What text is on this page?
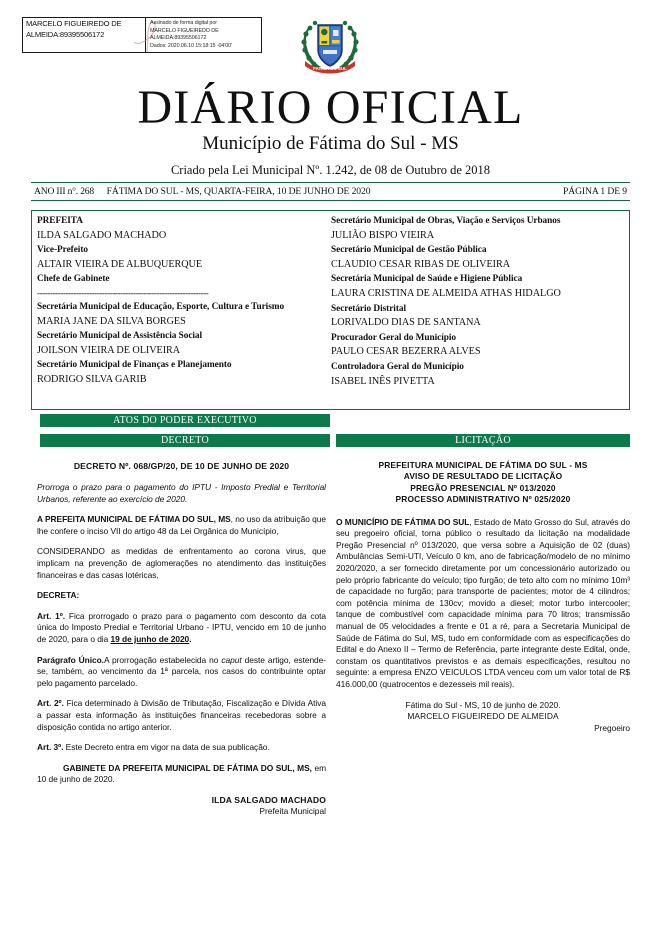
MARCELO FIGUEIREDO DE ALMEIDA:89395506172
Assinado de forma digital por
MARCELO FIGUEIREDO DE
ALMEIDA:89395506172
Dados: 2020.06.10 15:18:15 -04'00'
FATIMA DO SUL
DIÁRIO OFICIAL
Município de Fátima do Sul - MS
Criado pela Lei Municipal Nº. 1.242, de 08 de Outubro de 2018
ANO III n°. 268 FÁTIMA DO SUL - MS, QUARTA-FEIRA, 10 DE JUNHO DE 2020	PÁGINA 1 DE 9
PREFEITA
ILDA SALGADO MACHADO
Vice-Prefeito
ALTAIR VIEIRA DE ALBUQUERQUE
Chefe de Gabinete
------------------------------------------------------------------
Secretária Municipal de Educação, Esporte, Cultura e Turismo
MARIA JANE DA SILVA BORGES
Secretário Municipal de Assistência Social
JOILSON VIEIRA DE OLIVEIRA
Secretário Municipal de Finanças e Planejamento
RODRIGO SILVA GARIB
Secretário Municipal de Obras, Viação e Serviços Urbanos
JULIÃO BISPO VIEIRA
Secretário Municipal de Gestão Pública
CLAUDIO CESAR RIBAS DE OLIVEIRA
Secretária Municipal de Saúde e Higiene Pública
LAURA CRISTINA DE ALMEIDA ATHAS HIDALGO
Secretário Distrital
LORIVALDO DIAS DE SANTANA
Procurador Geral do Município
PAULO CESAR BEZERRA ALVES
Controladora Geral do Município
ISABEL INÊS PIVETTA
ATOS DO PODER EXECUTIVO
DECRETO	LICITAÇÃO
DECRETO Nº. 068/GP/20, DE 10 DE JUNHO DE 2020

Prorroga o prazo para o pagamento do IPTU - Imposto Predial e Territorial Urbanos, referente ao exercício de 2020.

A PREFEITA MUNICIPAL DE FÁTIMA DO SUL, MS, no uso da atribuição que lhe confere o inciso VII do artigo 48 da Lei Orgânica do Município,

CONSIDERANDO as medidas de enfrentamento ao corona virus, que implicam na prevenção de aglomerações no atendimento das instituições financeiras e das casas lotéricas,

DECRETA:

Art. 1º. Fica prorrogado o prazo para o pagamento com desconto da cota única do Imposto Predial e Territorial Urbano - IPTU, vencido em 10 de junho de 2020, para o dia 19 de junho de 2020.

Parágrafo Único.A prorrogação estabelecida no caput deste artigo, estende-se, também, ao vencimento da 1ª parcela, nos casos do contribuinte optar pelo pagamento parcelado.

Art. 2º. Fica determinado à Divisão de Tributação, Fiscalização e Dívida Ativa a passar esta informação às instituições financeiras recebedoras sobre a disposição contida no artigo anterior.

Art. 3º. Este Decreto entra em vigor na data de sua publicação.

GABINETE DA PREFEITA MUNICIPAL DE FÁTIMA DO SUL, MS, em 10 de junho de 2020.

ILDA SALGADO MACHADO

Prefeita Municipal

PREFEITURA MUNICIPAL DE FÁTIMA DO SUL - MS
AVISO DE RESULTADO DE LICITAÇÃO
PREGÃO PRESENCIAL Nº 013/2020
PROCESSO ADMINISTRATIVO Nº 025/2020

O MUNICÍPIO DE FÁTIMA DO SUL, Estado de Mato Grosso do Sul, através do seu pregoeiro oficial, torna público o resultado da licitação na modalidade Pregão Presencial nº 013/2020, que versa sobre a Aquisição de 02 (duas) Ambulâncias Semi-UTI, Veículo 0 km, ano de fabricação/modelo de no mínimo 2020/2020, a ser fornecido diretamente por um concessionário autorizado ou pelo próprio fabricante do veículo; tipo furgão; de teto alto com no mínimo 10m³ de capacidade no furgão; para transporte de pacientes; motor de 4 cilindros; com potência mínima de 130cv; movido a diesel; motor turbo intercooler; tanque de combustível com capacidade mínima para 70 litros; transmissão manual de 05 velocidades a frente e 01 a ré, para a Secretaria Municipal de Saúde de Fátima do Sul, MS, tudo em conformidade com as especificações do Edital e do Anexo II – Termo de Referência, parte integrante deste Edital, onde, constam os quantitativos previstos e as demais especificações, resultou no seguinte: a empresa ENZO VEICULOS LTDA venceu com um valor total de R$ 416.000,00 (quatrocentos e dezesseis mil reais).

Fátima do Sul - MS, 10 de junho de 2020.

MARCELO FIGUEIREDO DE ALMEIDA

Pregoeiro
